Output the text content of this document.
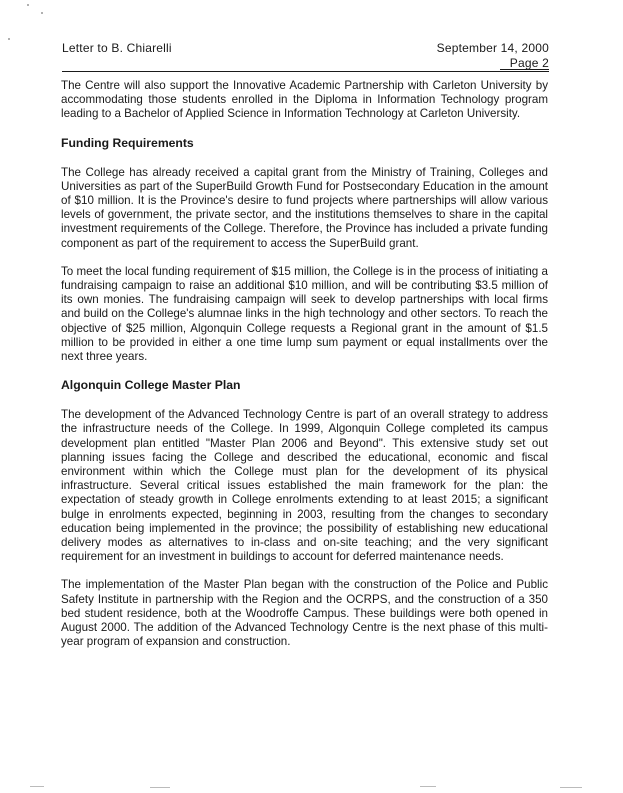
Letter to B. Chiarelli	September 14, 2000
Page 2

The Centre will also support the Innovative Academic Partnership with Carleton University by accommodating those students enrolled in the Diploma in Information Technology program leading to a Bachelor of Applied Science in Information Technology at Carleton University.

Funding Requirements

The College has already received a capital grant from the Ministry of Training, Colleges and Universities as part of the SuperBuild Growth Fund for Postsecondary Education in the amount of $10 million. It is the Province's desire to fund projects where partnerships will allow various levels of government, the private sector, and the institutions themselves to share in the capital investment requirements of the College. Therefore, the Province has included a private funding component as part of the requirement to access the SuperBuild grant.

To meet the local funding requirement of $15 million, the College is in the process of initiating a fundraising campaign to raise an additional $10 million, and will be contributing $3.5 million of its own monies. The fundraising campaign will seek to develop partnerships with local firms and build on the College's alumnae links in the high technology and other sectors. To reach the objective of $25 million, Algonquin College requests a Regional grant in the amount of $1.5 million to be provided in either a one time lump sum payment or equal installments over the next three years.

Algonquin College Master Plan

The development of the Advanced Technology Centre is part of an overall strategy to address the infrastructure needs of the College. In 1999, Algonquin College completed its campus development plan entitled "Master Plan 2006 and Beyond". This extensive study set out planning issues facing the College and described the educational, economic and fiscal environment within which the College must plan for the development of its physical infrastructure. Several critical issues established the main framework for the plan: the expectation of steady growth in College enrolments extending to at least 2015; a significant bulge in enrolments expected, beginning in 2003, resulting from the changes to secondary education being implemented in the province; the possibility of establishing new educational delivery modes as alternatives to in-class and on-site teaching; and the very significant requirement for an investment in buildings to account for deferred maintenance needs.

The implementation of the Master Plan began with the construction of the Police and Public Safety Institute in partnership with the Region and the OCRPS, and the construction of a 350 bed student residence, both at the Woodroffe Campus. These buildings were both opened in August 2000. The addition of the Advanced Technology Centre is the next phase of this multi-year program of expansion and construction.
